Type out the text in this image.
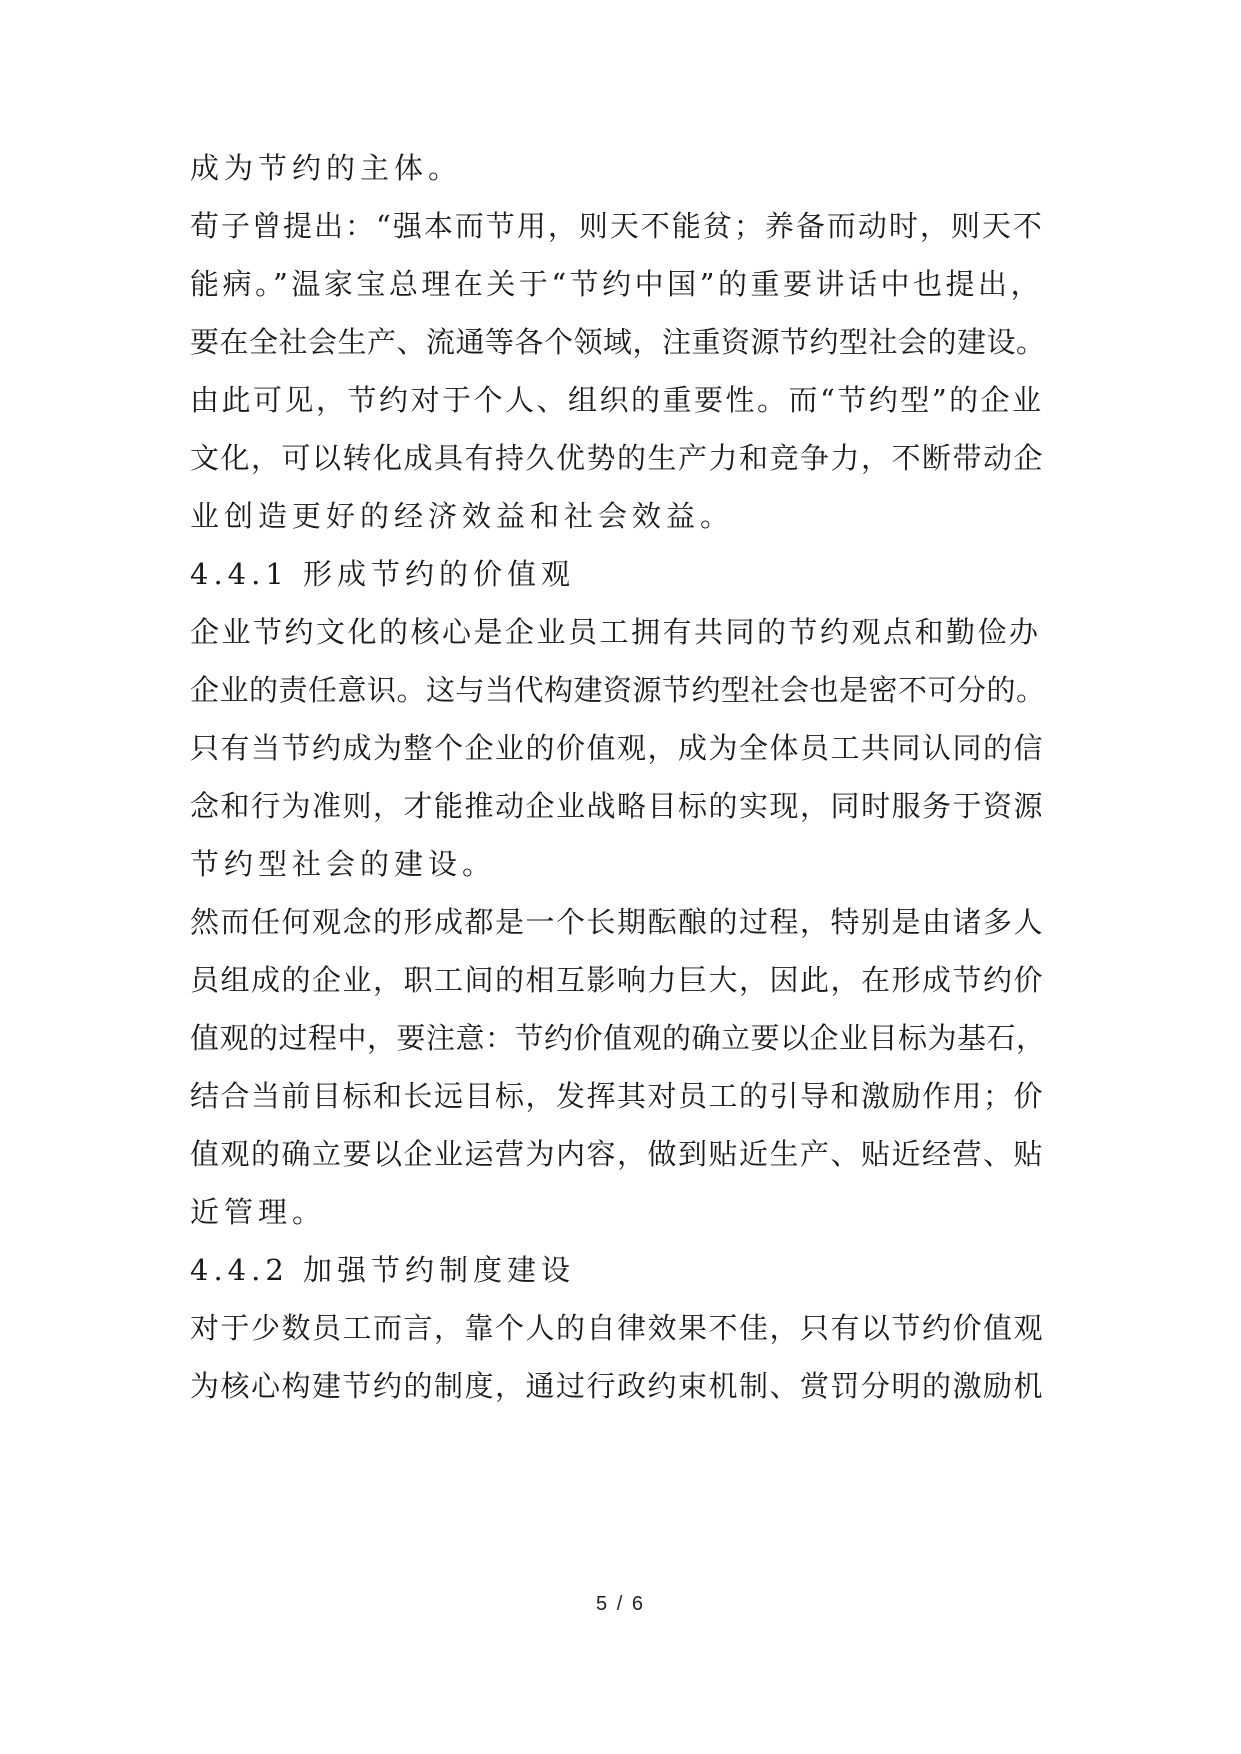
成为节约的主体。
荀子曾提出：“强本而节用，则天不能贫；养备而动时，则天不
能病。”温家宝总理在关于“节约中国”的重要讲话中也提出，
要在全社会生产、流通等各个领域，注重资源节约型社会的建设。
由此可见，节约对于个人、组织的重要性。而“节约型”的企业
文化，可以转化成具有持久优势的生产力和竞争力，不断带动企
业创造更好的经济效益和社会效益。
4.4.1 形成节约的价值观
企业节约文化的核心是企业员工拥有共同的节约观点和勤俭办
企业的责任意识。这与当代构建资源节约型社会也是密不可分的。
只有当节约成为整个企业的价值观，成为全体员工共同认同的信
念和行为准则，才能推动企业战略目标的实现，同时服务于资源
节约型社会的建设。
然而任何观念的形成都是一个长期酝酿的过程，特别是由诸多人
员组成的企业，职工间的相互影响力巨大，因此，在形成节约价
值观的过程中，要注意：节约价值观的确立要以企业目标为基石，
结合当前目标和长远目标，发挥其对员工的引导和激励作用；价
值观的确立要以企业运营为内容，做到贴近生产、贴近经营、贴
近管理。
4.4.2 加强节约制度建设
对于少数员工而言，靠个人的自律效果不佳，只有以节约价值观
为核心构建节约的制度，通过行政约束机制、赏罚分明的激励机
5 / 6
